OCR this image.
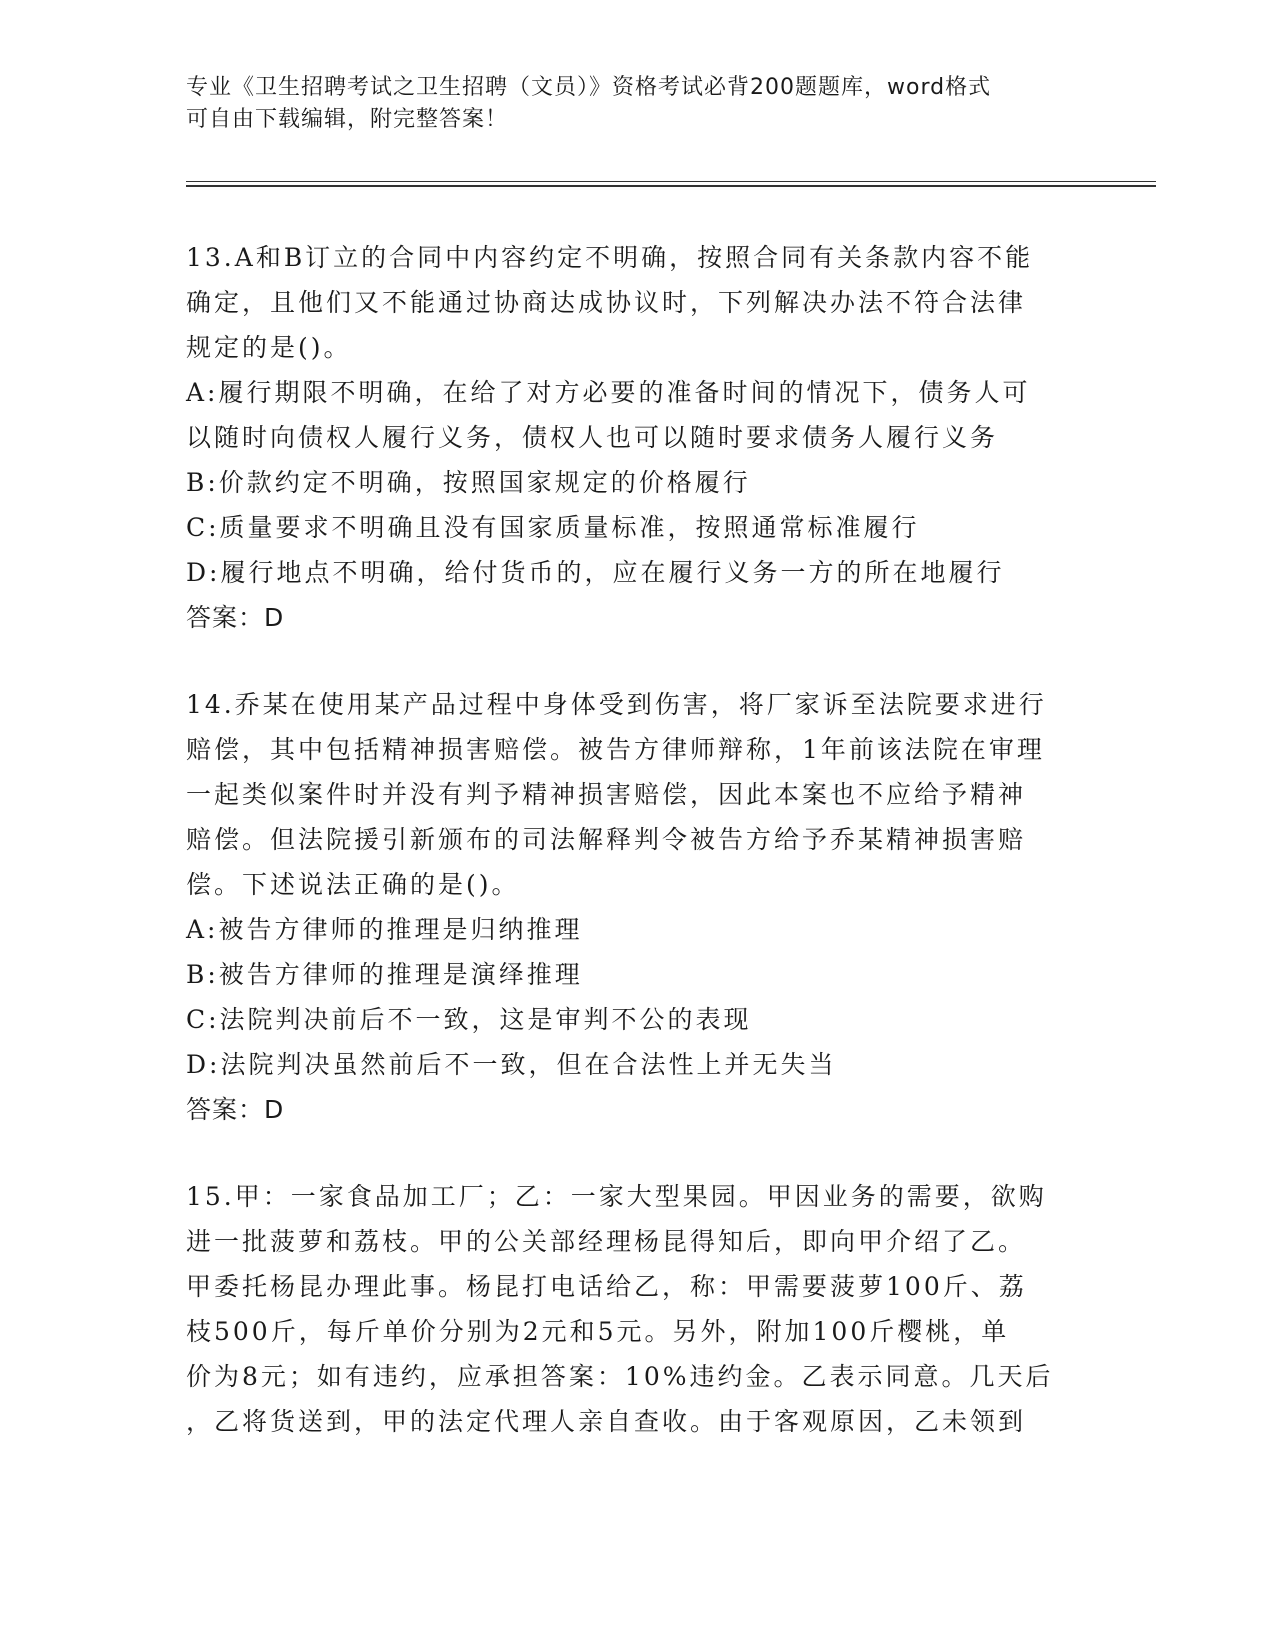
专业《卫生招聘考试之卫生招聘（文员）》资格考试必背200题题库，word格式
可自由下载编辑，附完整答案！
13.A和B订立的合同中内容约定不明确，按照合同有关条款内容不能
确定，且他们又不能通过协商达成协议时，下列解决办法不符合法律
规定的是()。
A:履行期限不明确，在给了对方必要的准备时间的情况下，债务人可
以随时向债权人履行义务，债权人也可以随时要求债务人履行义务
B:价款约定不明确，按照国家规定的价格履行
C:质量要求不明确且没有国家质量标准，按照通常标准履行
D:履行地点不明确，给付货币的，应在履行义务一方的所在地履行
答案：D
14.乔某在使用某产品过程中身体受到伤害，将厂家诉至法院要求进行
赔偿，其中包括精神损害赔偿。被告方律师辩称，1年前该法院在审理
一起类似案件时并没有判予精神损害赔偿，因此本案也不应给予精神
赔偿。但法院援引新颁布的司法解释判令被告方给予乔某精神损害赔
偿。下述说法正确的是()。
A:被告方律师的推理是归纳推理
B:被告方律师的推理是演绎推理
C:法院判决前后不一致，这是审判不公的表现
D:法院判决虽然前后不一致，但在合法性上并无失当
答案：D
15.甲：一家食品加工厂；乙：一家大型果园。甲因业务的需要，欲购
进一批菠萝和荔枝。甲的公关部经理杨昆得知后，即向甲介绍了乙。
甲委托杨昆办理此事。杨昆打电话给乙，称：甲需要菠萝100斤、荔
枝500斤，每斤单价分别为2元和5元。另外，附加100斤樱桃，单
价为8元；如有违约，应承担答案：10%违约金。乙表示同意。几天后
，乙将货送到，甲的法定代理人亲自查收。由于客观原因，乙未领到
